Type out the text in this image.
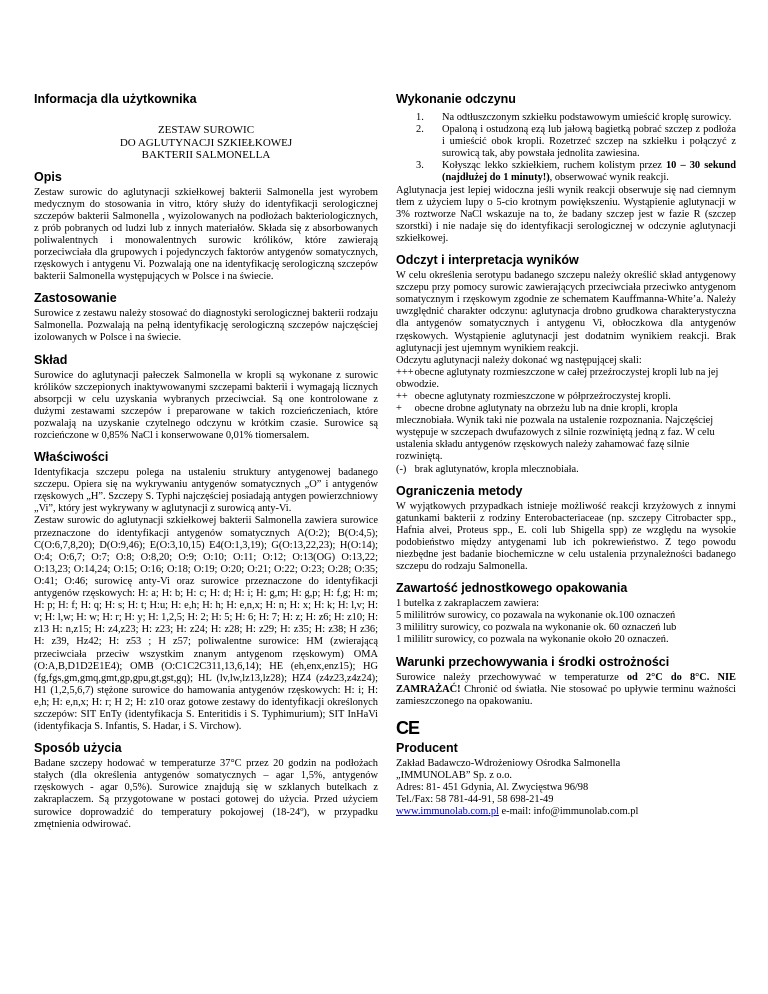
Informacja dla użytkownika

ZESTAW SUROWIC

DO AGLUTYNACJI SZKIEŁKOWEJ

BAKTERII SALMONELLA

Opis

Zestaw surowic do aglutynacji szkiełkowej bakterii Salmonella jest wyrobem medycznym do stosowania in vitro, który służy do identyfikacji serologicznej szczepów bakterii Salmonella , wyizolowanych na podłożach bakteriologicznych, z prób pobranych od ludzi lub z innych materiałów. Składa się z absorbowanych poliwalentnych i monowalentnych surowic królików, które zawierają porzeciwciała dla grupowych i pojedynczych faktorów antygenów somatycznych, rzęskowych i antygenu Vi. Pozwalają one na identyfikację serologiczną szczepów bakterii Salmonella występujących w Polsce i na świecie.

Zastosowanie

Surowice z zestawu należy stosować do diagnostyki serologicznej bakterii rodzaju Salmonella. Pozwalają na pełną identyfikację serologiczną szczepów najczęściej izolowanych w Polsce i na świecie.

Skład

Surowice do aglutynacji pałeczek Salmonella w kropli są wykonane z surowic królików szczepionych inaktywowanymi szczepami bakterii i wymagają licznych absorpcji w celu uzyskania wybranych przeciwciał. Są one kontrolowane z dużymi zestawami szczepów i preparowane w takich rozcieńczeniach, które pozwalają na uzyskanie czytelnego odczynu w krótkim czasie. Surowice są rozcieńczone w 0,85% NaCl i konserwowane 0,01% tiomersalem.

Właściwości

Identyfikacja szczepu polega na ustaleniu struktury antygenowej badanego szczepu. Opiera się na wykrywaniu antygenów somatycznych „O” i antygenów rzęskowych „H”. Szczepy S. Typhi najczęściej posiadają antygen powierzchniowy „Vi”, który jest wykrywany w aglutynacji z surowicą anty-Vi.

Zestaw surowic do aglutynacji szkiełkowej bakterii Salmonella zawiera surowice przeznaczone do identyfikacji antygenów somatycznych A(O:2); B(O:4,5); C(O:6,7,8,20); D(O:9,46); E(O:3,10,15) E4(O:1,3,19); G(O:13,22,23); H(O:14); O:4; O:6,7; O:7; O:8; O:8,20; O:9; O:10; O:11; O:12; O:13(OG) O:13,22; O:13,23; O:14,24; O:15; O:16; O:18; O:19; O:20; O:21; O:22; O:23; O:28; O:35; O:41; O:46; surowicę anty-Vi oraz surowice przeznaczone do identyfikacji antygenów rzęskowych: H: a; H: b; H: c; H: d; H: i; H: g,m; H: g,p; H: f,g; H: m; H: p; H: f; H: q; H: s; H: t; H:u; H: e,h; H: h; H: e,n,x; H: n; H: x; H: k; H: l,v; H: v; H: l,w; H: w; H: r; H: y; H: 1,2,5; H: 2; H: 5; H: 6; H: 7; H: z; H: z6; H: z10; H: z13 H: n,z15; H: z4,z23; H: z23; H: z24; H: z28; H: z29; H: z35; H: z38; H z36; H: z39, Hz42; H: z53 ; H z57; poliwalentne surowice: HM (zwierającą przeciwciała przeciw wszystkim znanym antygenom rzęskowym) OMA (O:A,B,D1D2E1E4); OMB (O:C1C2C311,13,6,14); HE (eh,enx,enz15); HG (fg,fgs,gm,gmq,gmt,gp,gpu,gt,gst,gq); HL (lv,lw,lz13,lz28); HZ4 (z4z23,z4z24); H1 (1,2,5,6,7) stężone surowice do hamowania antygenów rzęskowych: H: i; H: e,h; H: e,n,x; H: r; H 2; H: z10 oraz gotowe zestawy do identyfikacji określonych szczepów: SIT EnTy (identyfikacja S. Enteritidis i S. Typhimurium); SIT InHaVi (identyfikacja S. Infantis, S. Hadar, i S. Virchow).

Sposób użycia

Badane szczepy hodować w temperaturze 37°C przez 20 godzin na podłożach stałych (dla określenia antygenów somatycznych – agar 1,5%, antygenów rzęskowych - agar 0,5%). Surowice znajdują się w szklanych butelkach z zakraplaczem. Są przygotowane w postaci gotowej do użycia. Przed użyciem surowice doprowadzić do temperatury pokojowej (18-24º), w przypadku zmętnienia odwirować.

Wykonanie odczynu
1. Na odtłuszczonym szkiełku podstawowym umieścić kroplę surowicy.
2. Opaloną i ostudzoną ezą lub jałową bagietką pobrać szczep z podłoża i umieścić obok kropli. Rozetrzeć szczep na szkiełku i połączyć z surowicą tak, aby powstała jednolita zawiesina.
3. Kołysząc lekko szkiełkiem, ruchem kolistym przez 10 – 30 sekund (najdłużej do 1 minuty!), obserwować wynik reakcji.

Aglutynacja jest lepiej widoczna jeśli wynik reakcji obserwuje się nad ciemnym tłem z użyciem lupy o 5-cio krotnym powiększeniu. Wystąpienie aglutynacji w 3% roztworze NaCl wskazuje na to, że badany szczep jest w fazie R (szczep szorstki) i nie nadaje się do identyfikacji serologicznej w odczynie aglutynacji szkiełkowej.

Odczyt i interpretacja wyników

W celu określenia serotypu badanego szczepu należy określić skład antygenowy szczepu przy pomocy surowic zawierających przeciwciała przeciwko antygenom somatycznym i rzęskowym zgodnie ze schematem Kauffmanna-White’a. Należy uwzględnić charakter odczynu: aglutynacja drobno grudkowa charakterystyczna dla antygenów somatycznych i antygenu Vi, obłoczkowa dla antygenów rzęskowych. Wystąpienie aglutynacji jest dodatnim wynikiem reakcji. Brak aglutynacji jest ujemnym wynikiem reakcji.

Odczytu aglutynacji należy dokonać wg następującej skali:

+++ obecne aglutynaty rozmieszczone w całej przeźroczystej kropli lub na jej obwodzie.
++ obecne aglutynaty rozmieszczone w półprzeźroczystej kropli.
+ obecne drobne aglutynaty na obrzeżu lub na dnie kropli, kropla mlecznobiała. Wynik taki nie pozwala na ustalenie rozpoznania. Najczęściej występuje w szczepach dwufazowych z silnie rozwiniętą jedną z faz. W celu ustalenia składu antygenów rzęskowych należy zahamować fazę silnie rozwiniętą.
(-) brak aglutynatów, kropla mlecznobiała.
Ograniczenia metody

W wyjątkowych przypadkach istnieje możliwość reakcji krzyżowych z innymi gatunkami bakterii z rodziny Enterobacteriaceae (np. szczepy Citrobacter spp., Hafnia alvei, Proteus spp., E. coli lub Shigella spp) ze względu na wysokie podobieństwo między antygenami lub ich pokrewieństwo. Z tego powodu niezbędne jest badanie biochemiczne w celu ustalenia przynależności badanego szczepu do rodzaju Salmonella.

Zawartość jednostkowego opakowania

1 butelka z zakraplaczem zawiera:

5 mililitrów surowicy, co pozawala na wykonanie ok.100 oznaczeń

3 mililitry surowicy, co pozwala na wykonanie ok. 60 oznaczeń lub

1 mililitr surowicy, co pozwala na wykonanie około 20 oznaczeń.

Warunki przechowywania i środki ostrożności

Surowice należy przechowywać w temperaturze od 2°C do 8°C. NIE ZAMRAŻAĆ! Chronić od światła. Nie stosować po upływie terminu ważności zamieszczonego na opakowaniu.

CE
Producent

Zakład Badawczo-Wdrożeniowy Ośrodka Salmonella

„IMMUNOLAB” Sp. z o.o.

Adres: 81- 451 Gdynia, Al. Zwycięstwa 96/98

Tel./Fax: 58 781-44-91, 58 698-21-49

www.immunolab.com.pl e-mail: info@immunolab.com.pl
